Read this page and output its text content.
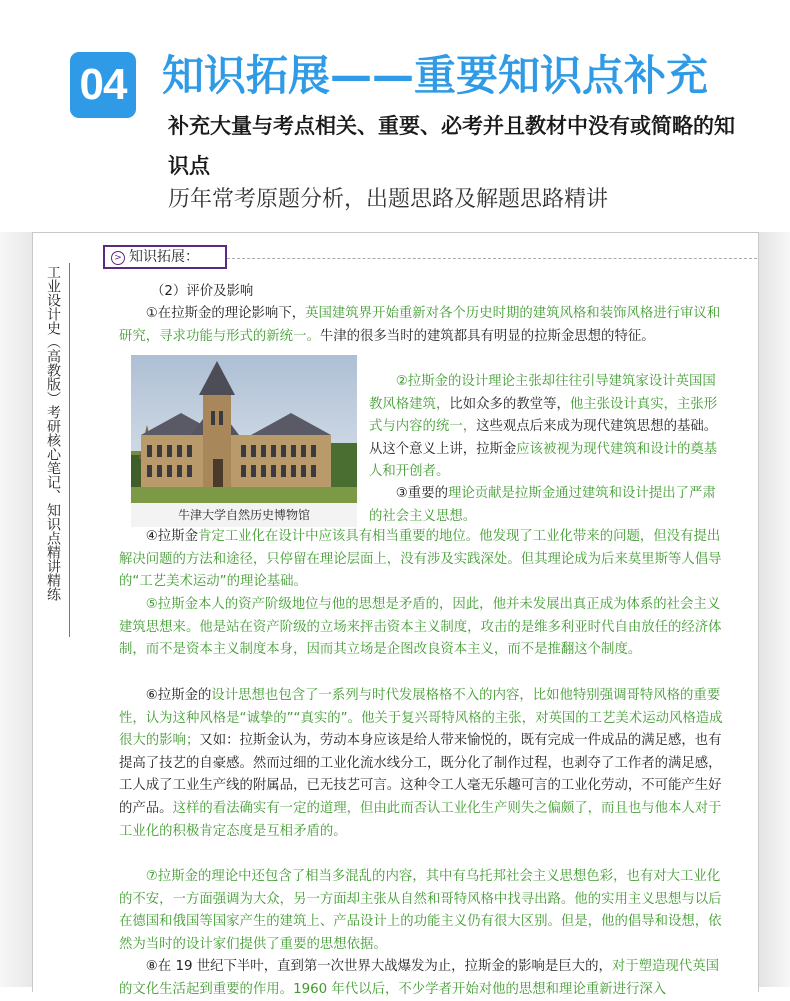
04 知识拓展——重要知识点补充
补充大量与考点相关、重要、必考并且教材中没有或简略的知识点
历年常考原题分析，出题思路及解题思路精讲
工业设计史（高教版）考研核心笔记、知识点精讲精练
> 知识拓展：
（2）评价及影响
①在拉斯金的理论影响下，英国建筑界开始重新对各个历史时期的建筑风格和装饰风格进行审议和研究，寻求功能与形式的新统一。牛津的很多当时的建筑都具有明显的拉斯金思想的特征。
牛津大学自然历史博物馆
②拉斯金的设计理论主张却往往引导建筑家设计英国国教风格建筑，比如众多的教堂等，他主张设计真实，主张形式与内容的统一，这些观点后来成为现代建筑思想的基础。从这个意义上讲，拉斯金应该被视为现代建筑和设计的奠基人和开创者。
③重要的理论贡献是拉斯金通过建筑和设计提出了严肃的社会主义思想。
④拉斯金肯定工业化在设计中应该具有相当重要的地位。他发现了工业化带来的问题，但没有提出解决问题的方法和途径，只停留在理论层面上，没有涉及实践深处。但其理论成为后来莫里斯等人倡导的“工艺美术运动”的理论基础。
⑤拉斯金本人的资产阶级地位与他的思想是矛盾的，因此，他并未发展出真正成为体系的社会主义建筑思想来。他是站在资产阶级的立场来抨击资本主义制度，攻击的是维多利亚时代自由放任的经济体制，而不是资本主义制度本身，因而其立场是企图改良资本主义，而不是推翻这个制度。
⑥拉斯金的设计思想也包含了一系列与时代发展格格不入的内容，比如他特别强调哥特风格的重要性，认为这种风格是“诚挚的”“真实的”。他关于复兴哥特风格的主张，对英国的工艺美术运动风格造成很大的影响；又如：拉斯金认为，劳动本身应该是给人带来愉悦的，既有完成一件成品的满足感，也有提高了技艺的自豪感。然而过细的工业化流水线分工，既分化了制作过程，也剥夺了工作者的满足感，工人成了工业生产线的附属品，已无技艺可言。这种令工人毫无乐趣可言的工业化劳动，不可能产生好的产品。这样的看法确实有一定的道理，但由此而否认工业化生产则失之偏颇了，而且也与他本人对于工业化的积极肯定态度是互相矛盾的。
⑦拉斯金的理论中还包含了相当多混乱的内容，其中有乌托邦社会主义思想色彩，也有对大工业化的不安，一方面强调为大众，另一方面却主张从自然和哥特风格中找寻出路。他的实用主义思想与以后在德国和俄国等国家产生的建筑上、产品设计上的功能主义仍有很大区别。但是，他的倡导和设想，依然为当时的设计家们提供了重要的思想依据。
⑧在 19 世纪下半叶，直到第一次世界大战爆发为止，拉斯金的影响是巨大的，对于塑造现代英国的文化生活起到重要的作用。1960 年代以后，不少学者开始对他的思想和理论重新进行深入
